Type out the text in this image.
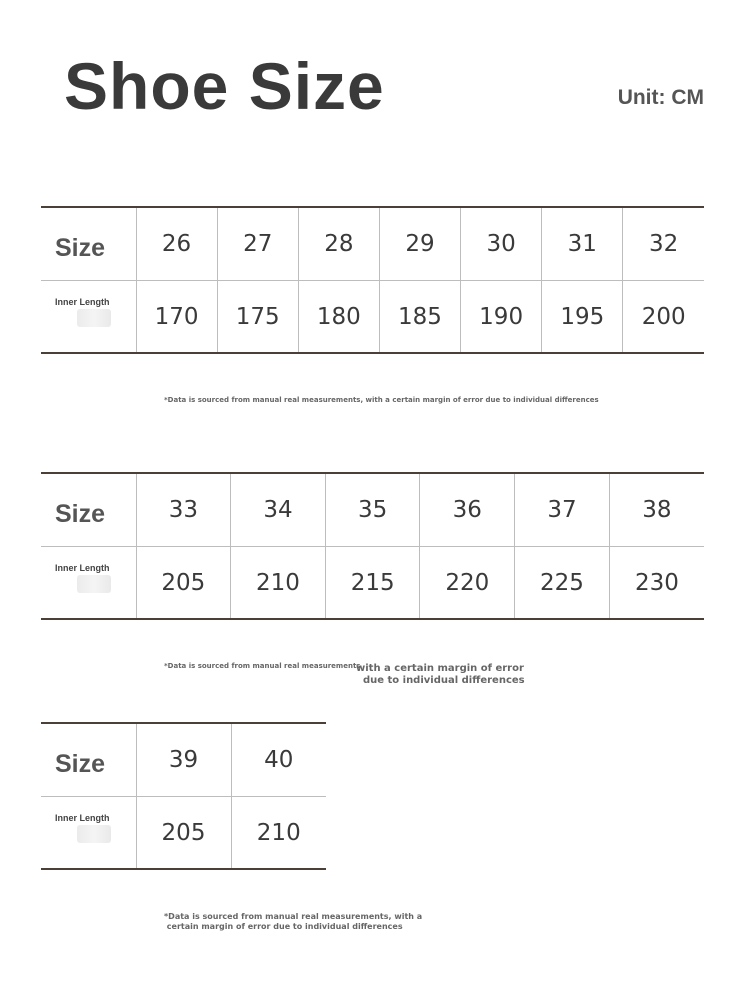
Shoe Size	Unit: CM
Size	26	27	28	29	30	31	32

Inner Length	170	175	180	185	190	195	200
*Data is sourced from manual real measurements, with a certain margin of error due to individual differences
Size	33	34	35	36	37	38

Inner Length	205	210	215	220	225	230
*Data is sourced from manual real measurements
with a certain margin of error
due to individual differences
Size	39	40

Inner Length	205	210
*Data is sourced from manual real measurements, with a
certain margin of error due to individual differences
